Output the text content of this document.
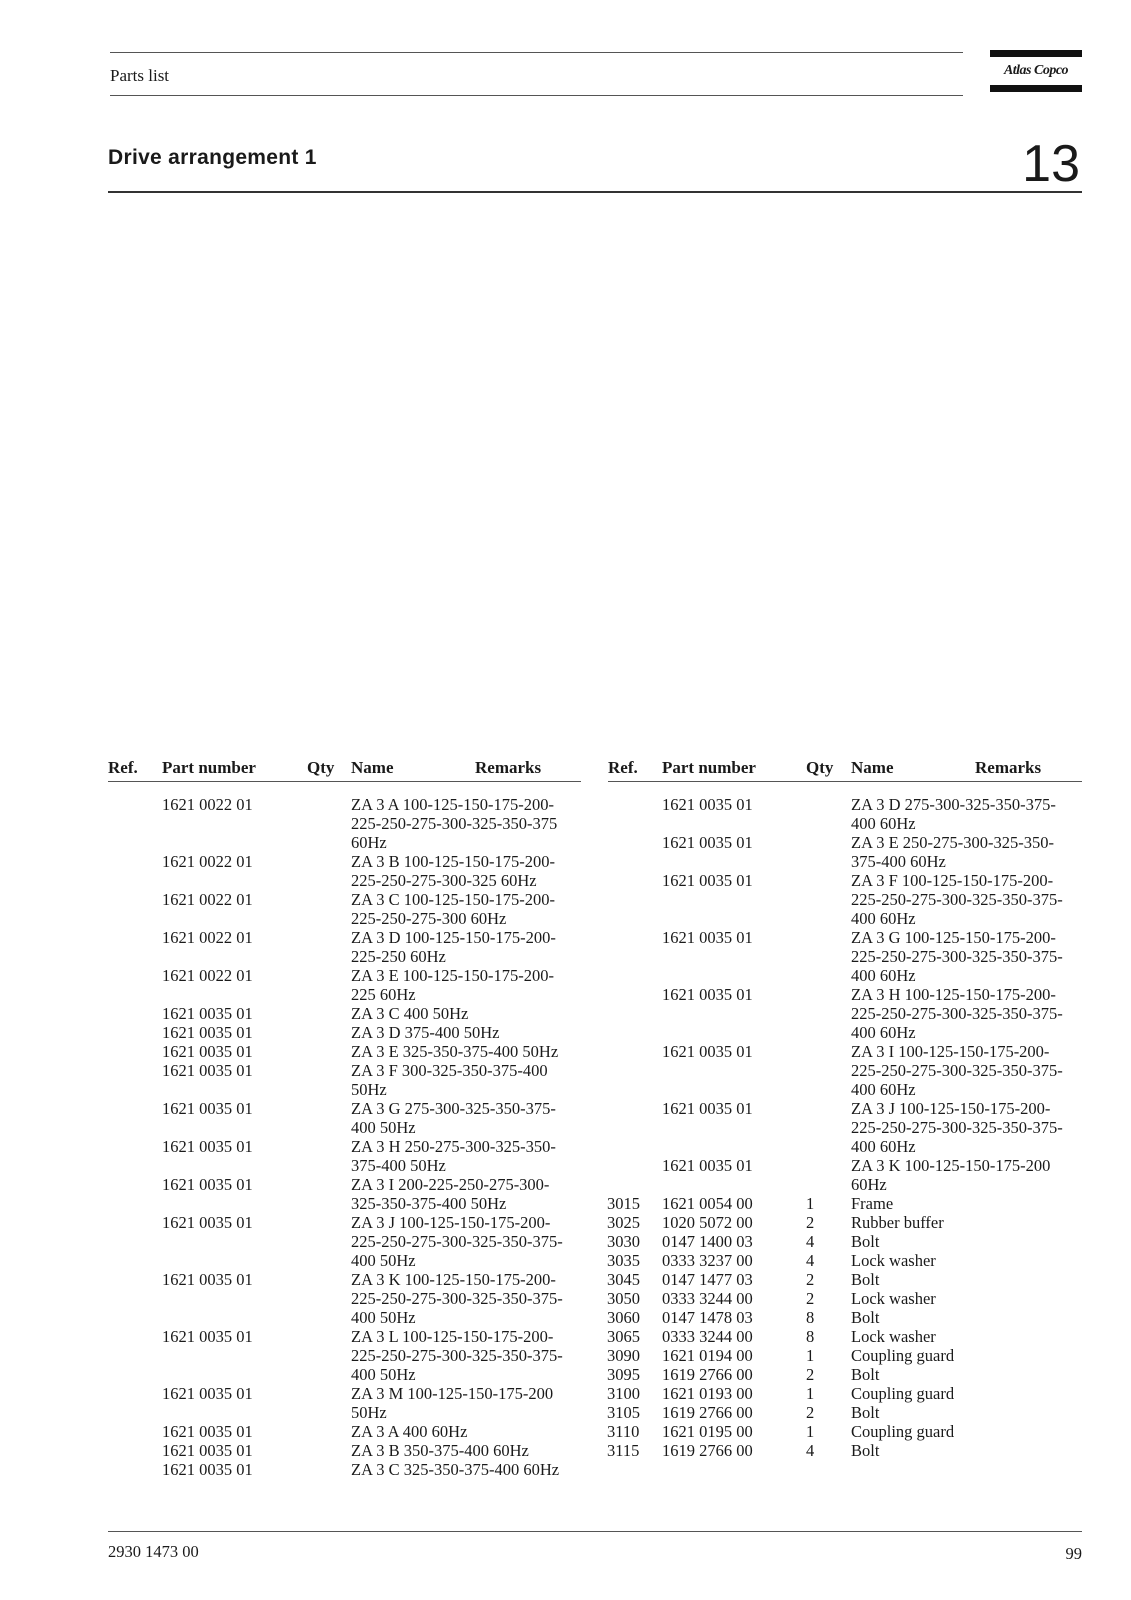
Parts list	Atlas Copco
Drive arrangement 1	13
Ref. Part number	Qty Name	Remarks	Ref. Part number	Qty Name	Remarks
1621 0022 01	ZA 3 A 100-125-150-175-200-
225-250-275-300-325-350-375
60Hz
1621 0022 01	ZA 3 B 100-125-150-175-200-
225-250-275-300-325 60Hz
1621 0022 01	ZA 3 C 100-125-150-175-200-
225-250-275-300 60Hz
1621 0022 01	ZA 3 D 100-125-150-175-200-
225-250 60Hz
1621 0022 01	ZA 3 E 100-125-150-175-200-
225 60Hz
1621 0035 01	ZA 3 C 400 50Hz
1621 0035 01	ZA 3 D 375-400 50Hz
1621 0035 01	ZA 3 E 325-350-375-400 50Hz
1621 0035 01	ZA 3 F 300-325-350-375-400
50Hz
1621 0035 01	ZA 3 G 275-300-325-350-375-
400 50Hz
1621 0035 01	ZA 3 H 250-275-300-325-350-
375-400 50Hz
1621 0035 01	ZA 3 I 200-225-250-275-300-
325-350-375-400 50Hz
1621 0035 01	ZA 3 J 100-125-150-175-200-
225-250-275-300-325-350-375-
400 50Hz
1621 0035 01	ZA 3 K 100-125-150-175-200-
225-250-275-300-325-350-375-
400 50Hz
1621 0035 01	ZA 3 L 100-125-150-175-200-
225-250-275-300-325-350-375-
400 50Hz
1621 0035 01	ZA 3 M 100-125-150-175-200
50Hz
1621 0035 01	ZA 3 A 400 60Hz
1621 0035 01	ZA 3 B 350-375-400 60Hz
1621 0035 01	ZA 3 C 325-350-375-400 60Hz
1621 0035 01	ZA 3 D 275-300-325-350-375-
400 60Hz
1621 0035 01	ZA 3 E 250-275-300-325-350-
375-400 60Hz
1621 0035 01	ZA 3 F 100-125-150-175-200-
225-250-275-300-325-350-375-
400 60Hz
1621 0035 01	ZA 3 G 100-125-150-175-200-
225-250-275-300-325-350-375-
400 60Hz
1621 0035 01	ZA 3 H 100-125-150-175-200-
225-250-275-300-325-350-375-
400 60Hz
1621 0035 01	ZA 3 I 100-125-150-175-200-
225-250-275-300-325-350-375-
400 60Hz
1621 0035 01	ZA 3 J 100-125-150-175-200-
225-250-275-300-325-350-375-
400 60Hz
1621 0035 01	ZA 3 K 100-125-150-175-200
60Hz
3015 1621 0054 00	1 Frame
3025 1020 5072 00	2 Rubber buffer
3030 0147 1400 03	4 Bolt
3035 0333 3237 00	4 Lock washer
3045 0147 1477 03	2 Bolt
3050 0333 3244 00	2 Lock washer
3060 0147 1478 03	8 Bolt
3065 0333 3244 00	8 Lock washer
3090 1621 0194 00	1 Coupling guard
3095 1619 2766 00	2 Bolt
3100 1621 0193 00	1 Coupling guard
3105 1619 2766 00	2 Bolt
3110 1621 0195 00	1 Coupling guard
3115 1619 2766 00	4 Bolt
2930 1473 00	99
